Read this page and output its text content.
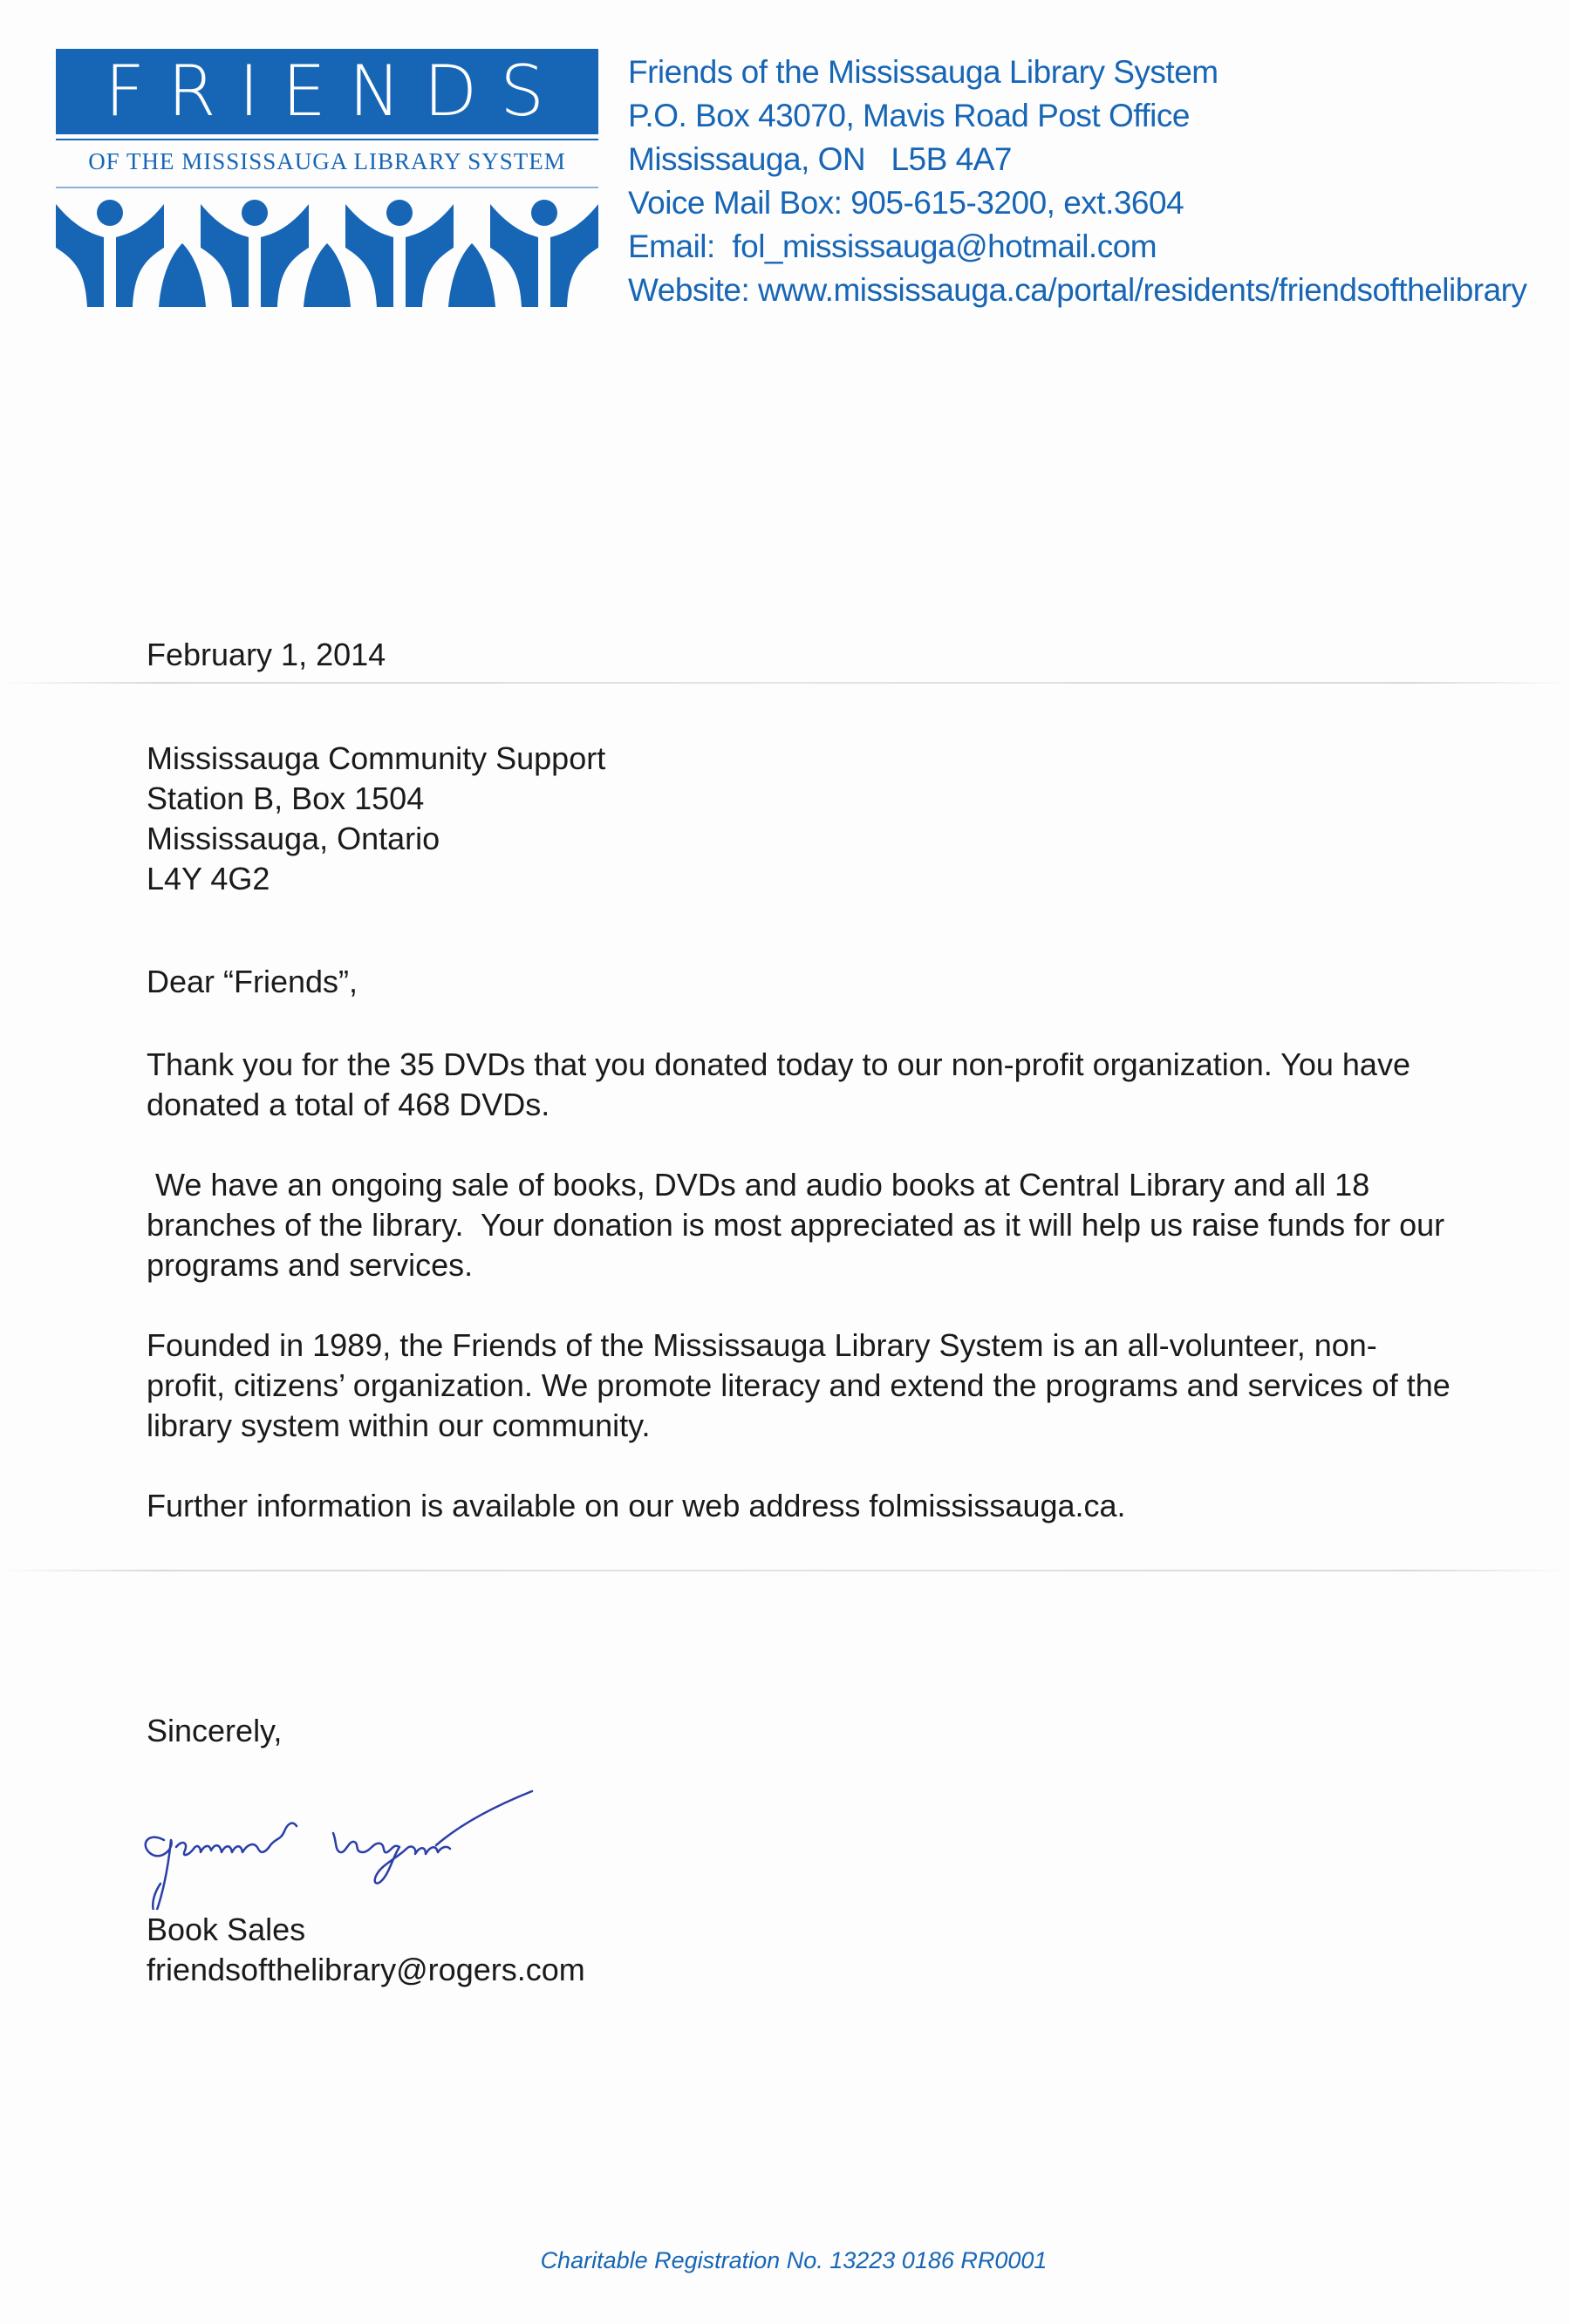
FRIENDS
OF THE MISSISSAUGA LIBRARY SYSTEM
Friends of the Mississauga Library System
P.O. Box 43070, Mavis Road Post Office
Mississauga, ON   L5B 4A7
Voice Mail Box: 905-615-3200, ext.3604
Email:  fol_mississauga@hotmail.com
Website: www.mississauga.ca/portal/residents/friendsofthelibrary

February 1, 2014

Mississauga Community Support

Station B, Box 1504

Mississauga, Ontario

L4Y 4G2

Dear “Friends”,

Thank you for the 35 DVDs that you donated today to our non-profit organization. You have donated a total of 468 DVDs.

We have an ongoing sale of books, DVDs and audio books at Central Library and all 18 branches of the library.  Your donation is most appreciated as it will help us raise funds for our programs and services.

Founded in 1989, the Friends of the Mississauga Library System is an all-volunteer, non-profit, citizens’ organization. We promote literacy and extend the programs and services of the library system within our community.

Further information is available on our web address folmississauga.ca.

Sincerely,
Book Sales
friendsofthelibrary@rogers.com
Charitable Registration No. 13223 0186 RR0001
